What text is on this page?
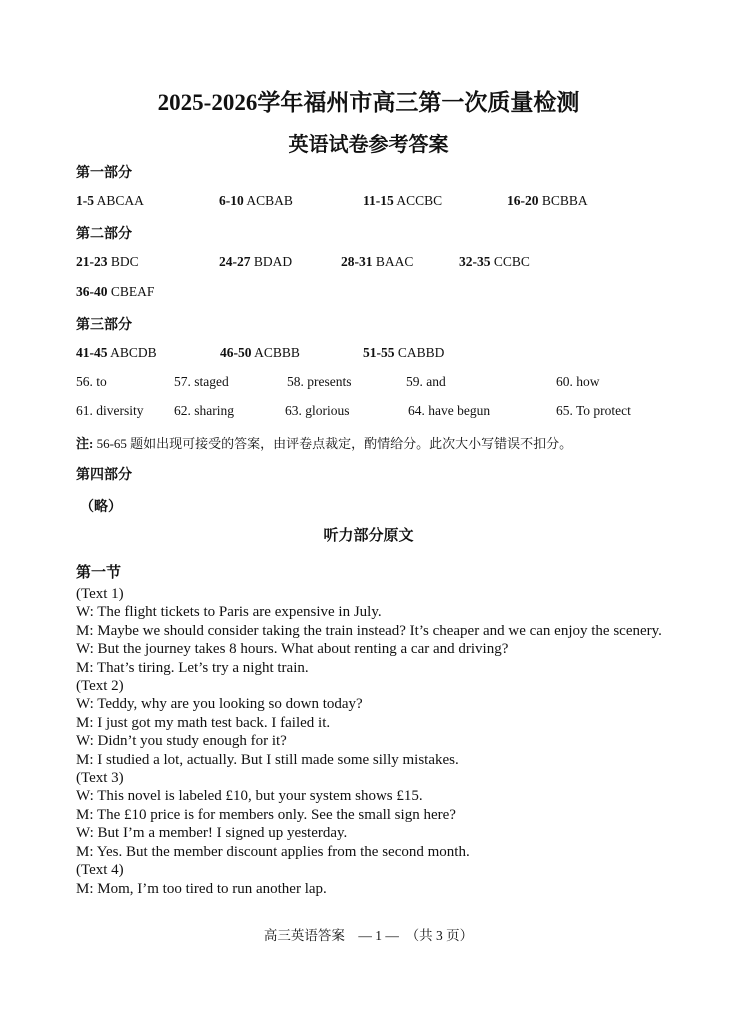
2025-2026学年福州市高三第一次质量检测
英语试卷参考答案
第一部分
1-5 ABCAA	6-10 ACBAB	11-15 ACCBC	16-20 BCBBA
第二部分
21-23 BDC	24-27 BDAD	28-31 BAAC	32-35 CCBC
36-40 CBEAF
第三部分
41-45 ABCDB	46-50 ACBBB	51-55 CABBD
56. to	57. staged	58. presents	59. and	60. how
61. diversity 62. sharing	63. glorious	64. have begun	65. To protect
注: 56-65 题如出现可接受的答案，由评卷点裁定，酌情给分。此次大小写错误不扣分。
第四部分
（略）
听力部分原文
第一节
(Text 1)
W: The flight tickets to Paris are expensive in July.
M: Maybe we should consider taking the train instead? It’s cheaper and we can enjoy the scenery.
W: But the journey takes 8 hours. What about renting a car and driving?
M: That’s tiring. Let’s try a night train.
(Text 2)
W: Teddy, why are you looking so down today?
M: I just got my math test back. I failed it.
W: Didn’t you study enough for it?
M: I studied a lot, actually. But I still made some silly mistakes.
(Text 3)
W: This novel is labeled £10, but your system shows £15.
M: The £10 price is for members only. See the small sign here?
W: But I’m a member! I signed up yesterday.
M: Yes. But the member discount applies from the second month.
(Text 4)
M: Mom, I’m too tired to run another lap.
高三英语答案　— 1 —　（共 3 页）
